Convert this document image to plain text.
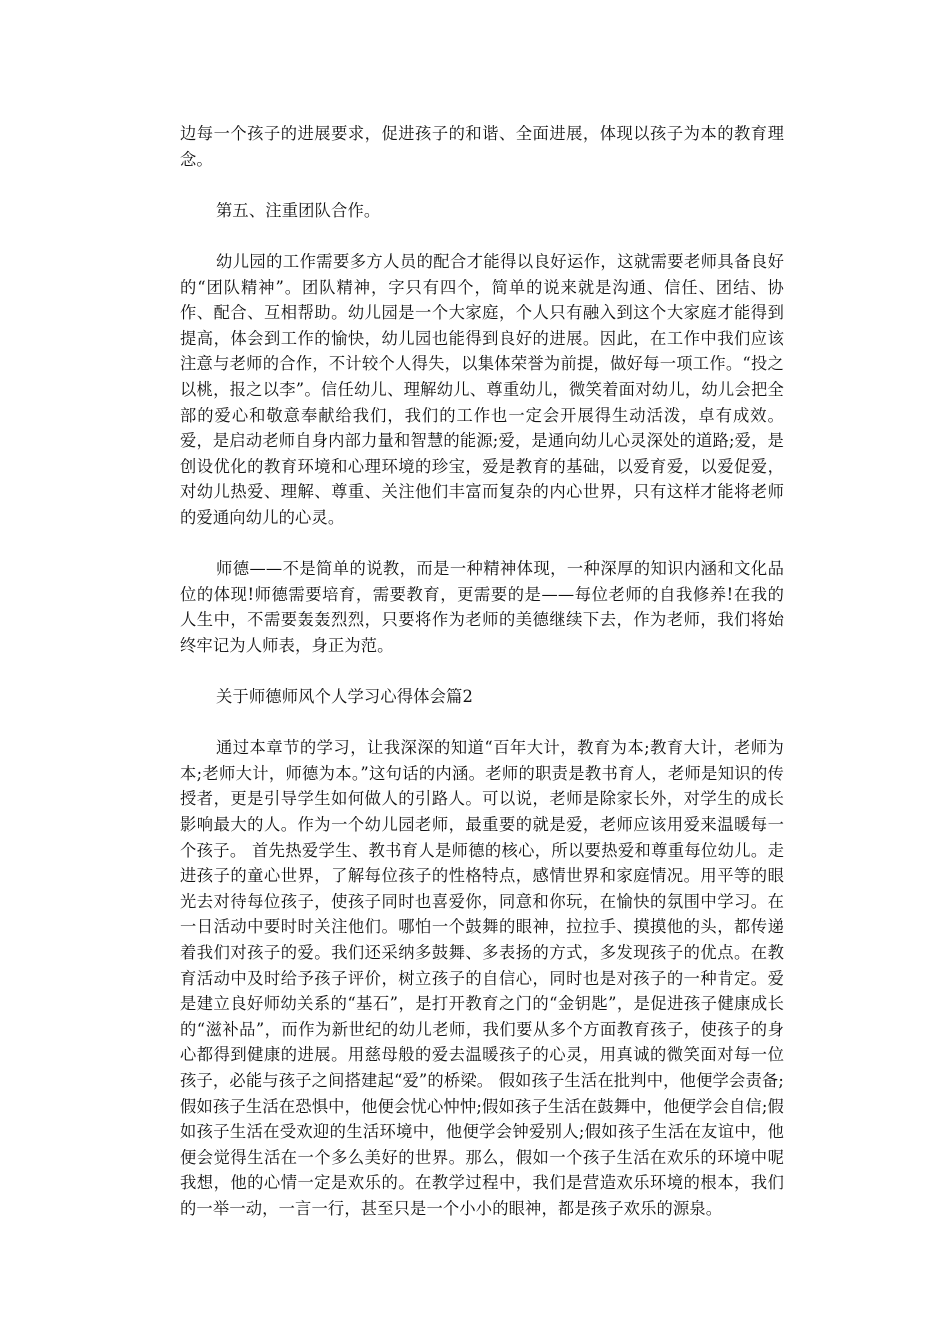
边每一个孩子的进展要求，促进孩子的和谐、全面进展，体现以孩子为本的教育理念。

第五、注重团队合作。

幼儿园的工作需要多方人员的配合才能得以良好运作，这就需要老师具备良好的“团队精神”。团队精神，字只有四个，简单的说来就是沟通、信任、团结、协作、配合、互相帮助。幼儿园是一个大家庭，个人只有融入到这个大家庭才能得到提高，体会到工作的愉快，幼儿园也能得到良好的进展。因此，在工作中我们应该注意与老师的合作，不计较个人得失，以集体荣誉为前提，做好每一项工作。“投之以桃，报之以李”。信任幼儿、理解幼儿、尊重幼儿，微笑着面对幼儿，幼儿会把全部的爱心和敬意奉献给我们，我们的工作也一定会开展得生动活泼，卓有成效。爱，是启动老师自身内部力量和智慧的能源;爱，是通向幼儿心灵深处的道路;爱，是创设优化的教育环境和心理环境的珍宝，爱是教育的基础，以爱育爱，以爱促爱，对幼儿热爱、理解、尊重、关注他们丰富而复杂的内心世界，只有这样才能将老师的爱通向幼儿的心灵。

师德——不是简单的说教，而是一种精神体现，一种深厚的知识内涵和文化品位的体现!师德需要培育，需要教育，更需要的是——每位老师的自我修养!在我的人生中，不需要轰轰烈烈，只要将作为老师的美德继续下去，作为老师，我们将始终牢记为人师表，身正为范。

关于师德师风个人学习心得体会篇2

通过本章节的学习，让我深深的知道“百年大计，教育为本;教育大计，老师为本;老师大计，师德为本。”这句话的内涵。老师的职责是教书育人，老师是知识的传授者，更是引导学生如何做人的引路人。可以说，老师是除家长外，对学生的成长影响最大的人。作为一个幼儿园老师，最重要的就是爱，老师应该用爱来温暖每一个孩子。 首先热爱学生、教书育人是师德的核心，所以要热爱和尊重每位幼儿。走进孩子的童心世界，了解每位孩子的性格特点，感情世界和家庭情况。用平等的眼光去对待每位孩子，使孩子同时也喜爱你，同意和你玩，在愉快的氛围中学习。在一日活动中要时时关注他们。哪怕一个鼓舞的眼神，拉拉手、摸摸他的头，都传递着我们对孩子的爱。我们还采纳多鼓舞、多表扬的方式，多发现孩子的优点。在教育活动中及时给予孩子评价，树立孩子的自信心，同时也是对孩子的一种肯定。爱是建立良好师幼关系的“基石”，是打开教育之门的“金钥匙”，是促进孩子健康成长的“滋补品”，而作为新世纪的幼儿老师，我们要从多个方面教育孩子，使孩子的身心都得到健康的进展。用慈母般的爱去温暖孩子的心灵，用真诚的微笑面对每一位孩子，必能与孩子之间搭建起“爱”的桥梁。 假如孩子生活在批判中，他便学会责备;假如孩子生活在恐惧中，他便会忧心忡忡;假如孩子生活在鼓舞中，他便学会自信;假如孩子生活在受欢迎的生活环境中，他便学会钟爱别人;假如孩子生活在友谊中，他便会觉得生活在一个多么美好的世界。那么，假如一个孩子生活在欢乐的环境中呢我想，他的心情一定是欢乐的。在教学过程中，我们是营造欢乐环境的根本，我们的一举一动，一言一行，甚至只是一个小小的眼神，都是孩子欢乐的源泉。
